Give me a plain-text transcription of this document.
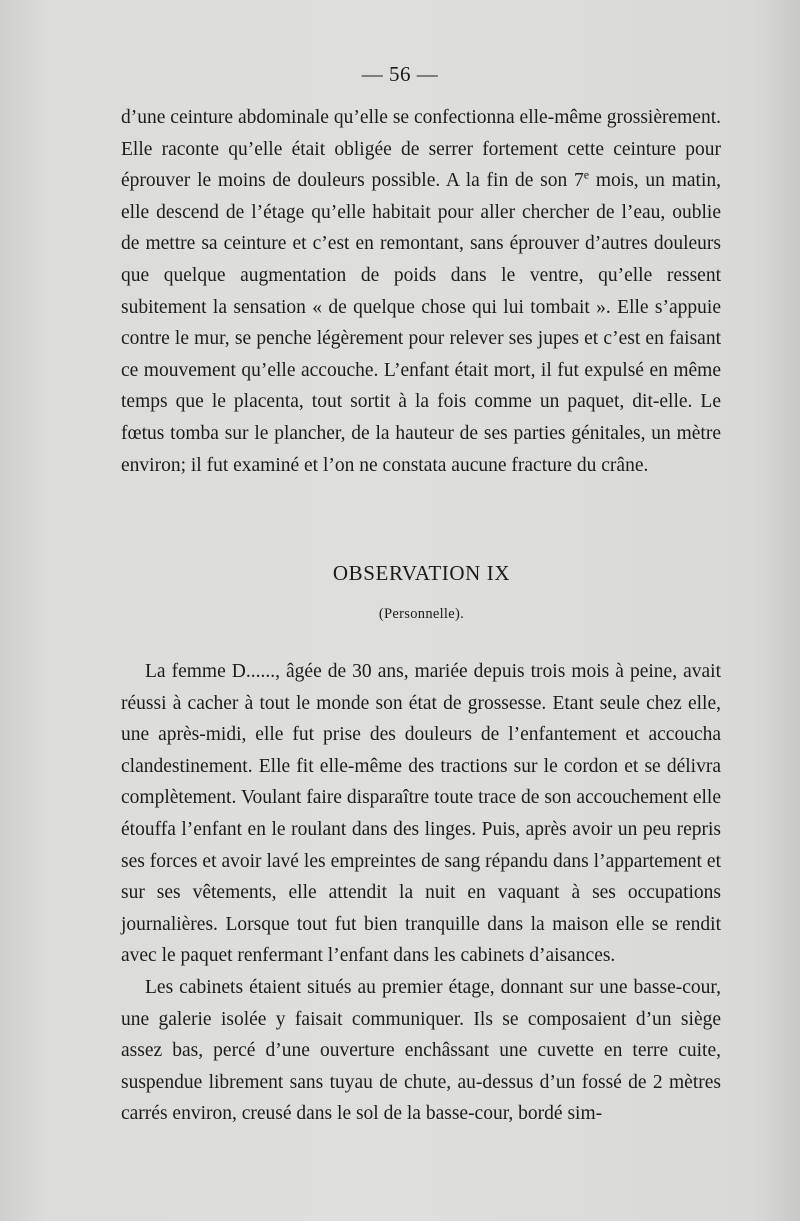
— 56 —

d’une ceinture abdominale qu’elle se confectionna elle-même grossièrement. Elle raconte qu’elle était obligée de serrer fortement cette ceinture pour éprouver le moins de douleurs possible. A la fin de son 7e mois, un matin, elle descend de l’étage qu’elle habitait pour aller chercher de l’eau, oublie de mettre sa ceinture et c’est en remontant, sans éprouver d’autres douleurs que quelque augmentation de poids dans le ventre, qu’elle ressent subitement la sensation « de quelque chose qui lui tombait ». Elle s’appuie contre le mur, se penche légèrement pour relever ses jupes et c’est en faisant ce mouvement qu’elle accouche. L’enfant était mort, il fut expulsé en même temps que le placenta, tout sortit à la fois comme un paquet, dit-elle. Le fœtus tomba sur le plancher, de la hauteur de ses parties génitales, un mètre environ; il fut examiné et l’on ne constata aucune fracture du crâne.

OBSERVATION IX
(Personnelle).

La femme D......, âgée de 30 ans, mariée depuis trois mois à peine, avait réussi à cacher à tout le monde son état de grossesse. Etant seule chez elle, une après-midi, elle fut prise des douleurs de l’enfantement et accoucha clandestinement. Elle fit elle-même des tractions sur le cordon et se délivra complètement. Voulant faire disparaître toute trace de son accouchement elle étouffa l’enfant en le roulant dans des linges. Puis, après avoir un peu repris ses forces et avoir lavé les empreintes de sang répandu dans l’appartement et sur ses vêtements, elle attendit la nuit en vaquant à ses occupations journalières. Lorsque tout fut bien tranquille dans la maison elle se rendit avec le paquet renfermant l’enfant dans les cabinets d’aisances.

Les cabinets étaient situés au premier étage, donnant sur une basse-cour, une galerie isolée y faisait communiquer. Ils se composaient d’un siège assez bas, percé d’une ouverture enchâssant une cuvette en terre cuite, suspendue librement sans tuyau de chute, au-dessus d’un fossé de 2 mètres carrés environ, creusé dans le sol de la basse-cour, bordé sim-
